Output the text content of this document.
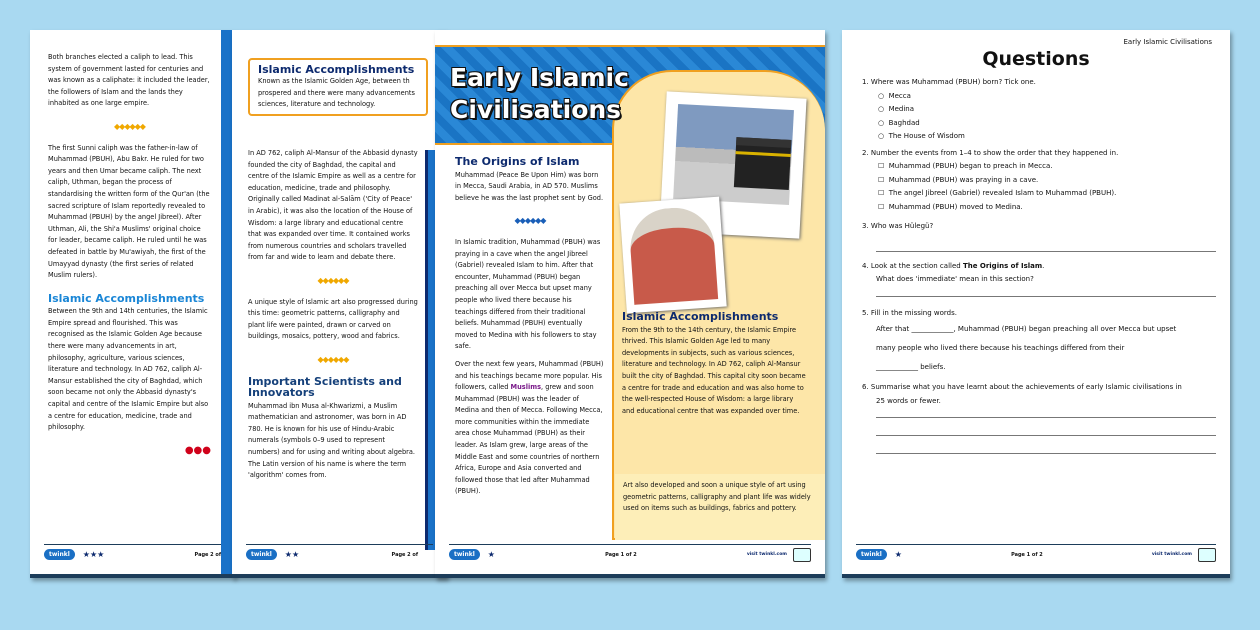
Both branches elected a caliph to lead. This system of government lasted for centuries and was known as a caliphate: it included the leader, the followers of Islam and the lands they inhabited as one large empire.

◆◆◆◆◆◆

The first Sunni caliph was the father-in-law of Muhammad (PBUH), Abu Bakr. He ruled for two years and then Umar became caliph. The next caliph, Uthman, began the process of standardising the written form of the Qur'an (the sacred scripture of Islam reportedly revealed to Muhammad (PBUH) by the angel Jibreel). After Uthman, Ali, the Shi'a Muslims' original choice for leader, became caliph. He ruled until he was defeated in battle by Mu'awiyah, the first of the Umayyad dynasty (the first series of related Muslim rulers).

Islamic Accomplishments

Between the 9th and 14th centuries, the Islamic Empire spread and flourished. This was recognised as the Islamic Golden Age because there were many advancements in art, philosophy, agriculture, various sciences, literature and technology. In AD 762, caliph Al-Mansur established the city of Baghdad, which soon became not only the Abbasid dynasty's capital and centre of the Islamic Empire but also a centre for education, medicine, trade and philosophy.

●●●
twinkl	★★★	Page 2 of
Islamic Accomplishments
Known as the Islamic Golden Age, between th prospered and there were many advancements sciences, literature and technology.

In AD 762, caliph Al-Mansur of the Abbasid dynasty founded the city of Baghdad, the capital and centre of the Islamic Empire as well as a centre for education, medicine, trade and philosophy. Originally called Madinat al-Salām ('City of Peace' in Arabic), it was also the location of the House of Wisdom: a large library and educational centre that was expanded over time. It contained works from numerous countries and scholars travelled from far and wide to learn and debate there.

◆◆◆◆◆◆

A unique style of Islamic art also progressed during this time: geometric patterns, calligraphy and plant life were painted, drawn or carved on buildings, mosaics, pottery, wood and fabrics.

◆◆◆◆◆◆
Important Scientists and Innovators

Muhammad ibn Musa al-Khwarizmi, a Muslim mathematician and astronomer, was born in AD 780. He is known for his use of Hindu-Arabic numerals (symbols 0–9 used to represent numbers) and for using and writing about algebra. The Latin version of his name is where the term 'algorithm' comes from.

twinkl	★★	Page 2 of
Early Islamic Civilisations
The Origins of Islam

Muhammad (Peace Be Upon Him) was born in Mecca, Saudi Arabia, in AD 570. Muslims believe he was the last prophet sent by God.

◆◆◆◆◆◆

In Islamic tradition, Muhammad (PBUH) was praying in a cave when the angel Jibreel (Gabriel) revealed Islam to him. After that encounter, Muhammad (PBUH) began preaching all over Mecca but upset many people who lived there because his teachings differed from their traditional beliefs. Muhammad (PBUH) eventually moved to Medina with his followers to stay safe.

Over the next few years, Muhammad (PBUH) and his teachings became more popular. His followers, called Muslims, grew and soon Muhammad (PBUH) was the leader of Medina and then of Mecca. Following Mecca, more communities within the immediate area chose Muhammad (PBUH) as their leader. As Islam grew, large areas of the Middle East and some countries of northern Africa, Europe and Asia converted and followed those that led after Muhammad (PBUH).

Islamic Accomplishments

From the 9th to the 14th century, the Islamic Empire thrived. This Islamic Golden Age led to many developments in subjects, such as various sciences, literature and technology. In AD 762, caliph Al-Mansur built the city of Baghdad. This capital city soon became a centre for trade and education and was also home to the well-respected House of Wisdom: a large library and educational centre that was expanded over time.

Art also developed and soon a unique style of art using geometric patterns, calligraphy and plant life was widely used on items such as buildings, fabrics and pottery.
twinkl	★	Page 1 of 2	visit twinkl.com
Early Islamic Civilisations
Questions
1. Where was Muhammad (PBUH) born? Tick one.
○  Mecca
○  Medina
○  Baghdad
○  The House of Wisdom
2. Number the events from 1–4 to show the order that they happened in.
☐  Muhammad (PBUH) began to preach in Mecca.
☐  Muhammad (PBUH) was praying in a cave.
☐  The angel Jibreel (Gabriel) revealed Islam to Muhammad (PBUH).
☐  Muhammad (PBUH) moved to Medina.
3. Who was Hülegü?
4. Look at the section called The Origins of Islam.
What does 'immediate' mean in this section?
5. Fill in the missing words.
After that ____________, Muhammad (PBUH) began preaching all over Mecca but upset
many people who lived there because his teachings differed from their
____________ beliefs.
6. Summarise what you have learnt about the achievements of early Islamic civilisations in
25 words or fewer.
twinkl	★	Page 1 of 2	visit twinkl.com
